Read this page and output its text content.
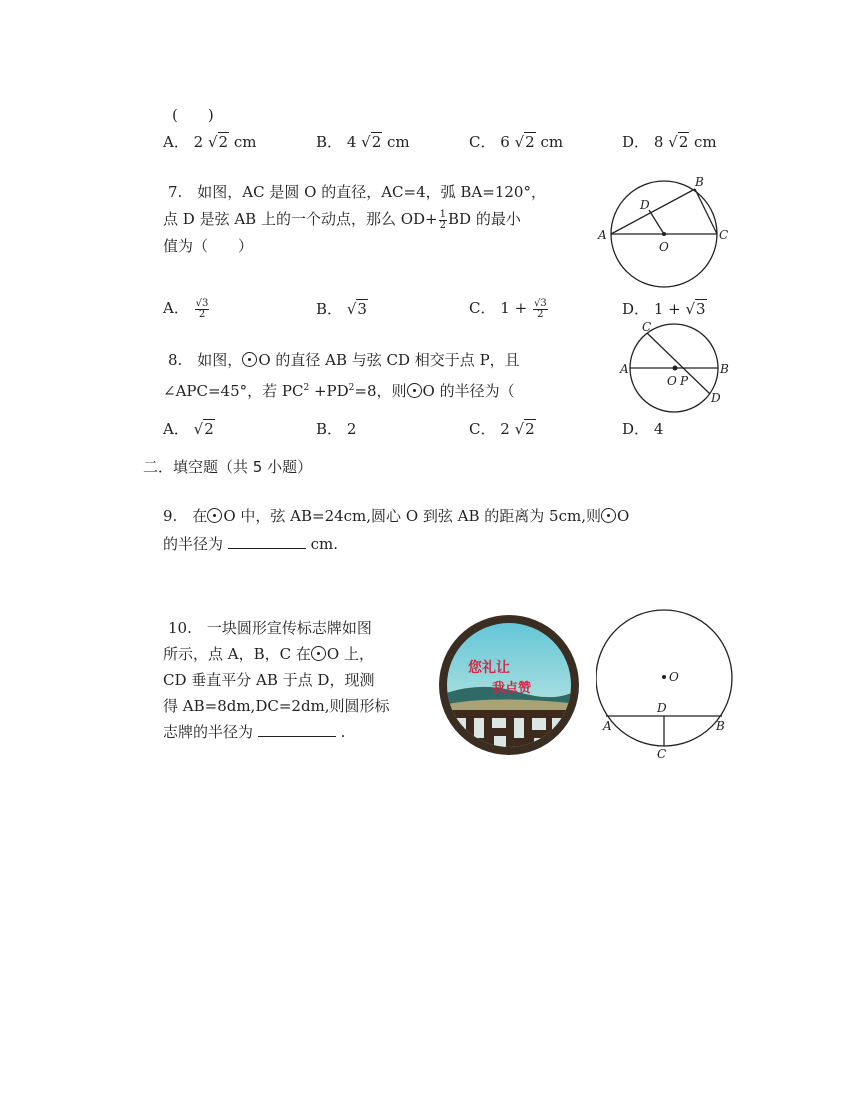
(　　)
A． 2 √2 cm	B． 4 √2 cm	C． 6 √2 cm	D． 8 √2 cm
7.　如图，AC 是圆 O 的直径，AC=4，弧 BA=120°，
点 D 是弦 AB 上的一个动点，那么 $OD+ \frac{1}{2}$ BD 的最小
值为（　　）
A
B
C
D
O
A． $\frac{√3}{2}$	B． √3	C． $1 + \frac{√3}{2}$	D． 1 + √3
8.　如图， O 的直径 AB 与弦 CD 相交于点 P，且
∠APC=45°，若 $PC^2 +PD^2=8$，则 O 的半径为（
A	B
C
D
O P
A． √2	B． 2	C． 2 √2	D． 4
二．填空题（共 5 小题）
9.　在 O 中，弦 AB=24cm,圆心 O 到弦 AB 的距离为 5cm,则 O
的半径为	cm.
10.　一块圆形宣传标志牌如图
所示，点 A，B，C 在 O 上，
CD 垂直平分 AB 于点 D，现测
得 AB=8dm,DC=2dm,则圆形标
志牌的半径为	.
您礼让
我点赞
O
A	B
D
C
